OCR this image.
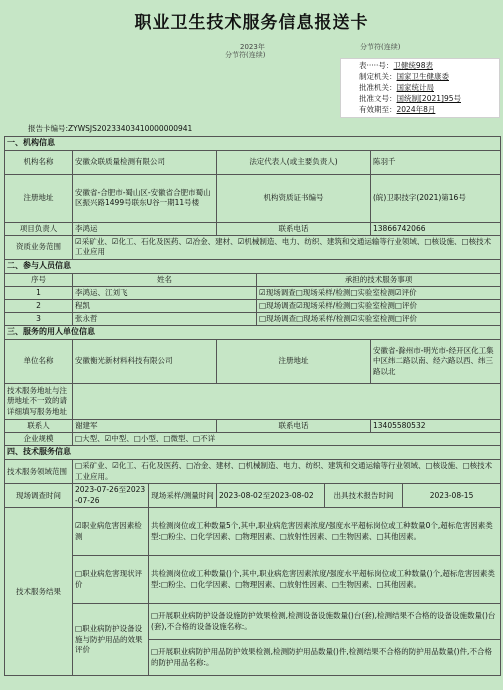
职业卫生技术服务信息报送卡
2023年
分节符(连续)
分节符(连续)
表·····号：卫健统98表
制定机关：国家卫生健康委
批准机关：国家统计局
批准文号：国统制[2021]95号
有效期至：2024年8月
报告卡编号:ZYWSJS20233403410000000941
一、机构信息							
机构名称	安徽众联质量检测有限公司		法定代表人(或主要负责人)			陈羽千	
注册地址	安徽省-合肥市-蜀山区-安徽省合肥市蜀山区振兴路1499号联东U谷一期11号楼		机构资质证书编号			(皖)卫职技字(2021)第16号	
项目负责人	李鸿运		联系电话			13866742066	
资质业务范围	☑采矿业、☑化工、石化及医药、☑冶金、建材、☑机械制造、电力、纺织、建筑和交通运输等行业领域、□核设施、□核技术工业应用						
二、参与人员信息							
序号	姓名			承担的技术服务事项			
1	李鸿运、江刘飞			☑现场调查□现场采样/检测□实验室检测☑评价			
2	程凯			□现场调查☑现场采样/检测□实验室检测□评价			
3	张永哲			□现场调查□现场采样/检测☑实验室检测□评价			
三、服务的用人单位信息							
单位名称	安徽衡光新材料科技有限公司		注册地址			安徽省-滁州市-明光市-经开区化工集中区纬二路以南、经六路以西、纬三路以北	
技术服务地址与注册地址不一致的请详细填写服务地址							
联系人	谢建军		联系电话			13405580532	
企业规模	□大型、☑中型、□小型、□微型、□不详						
四、技术服务信息							
技术服务领域范围	□采矿业、☑化工、石化及医药、□冶金、建材、□机械制造、电力、纺织、建筑和交通运输等行业领域、□核设施、□核技术工业应用。						
现场调查时间	2023-07-26至2023-07-26	现场采样/测量时间	2023-08-02至2023-08-02		出具技术报告时间		2023-08-15
技术服务结果	☑职业病危害因素检测	共检测岗位或工种数量5个,其中,职业病危害因素浓度/强度水平超标岗位或工种数量0个,超标危害因素类型:□粉尘、□化学因素、□物理因素、□放射性因素、□生物因素、□其他因素。					
	□职业病危害现状评价	共检测岗位或工种数量()个,其中,职业病危害因素浓度/强度水平超标岗位或工种数量()个,超标危害因素类型:□粉尘、□化学因素、□物理因素、□放射性因素、□生物因素、□其他因素。					
	□职业病防护设备设施与防护用品的效果评价	□开展职业病防护设备设施防护效果检测,检测设备设施数量()台(套),检测结果不合格的设备设施数量()台(套),不合格的设备设施名称:。					
		□开展职业病防护用品防护效果检测,检测防护用品数量()件,检测结果不合格的防护用品数量()件,不合格的防护用品名称:。					
